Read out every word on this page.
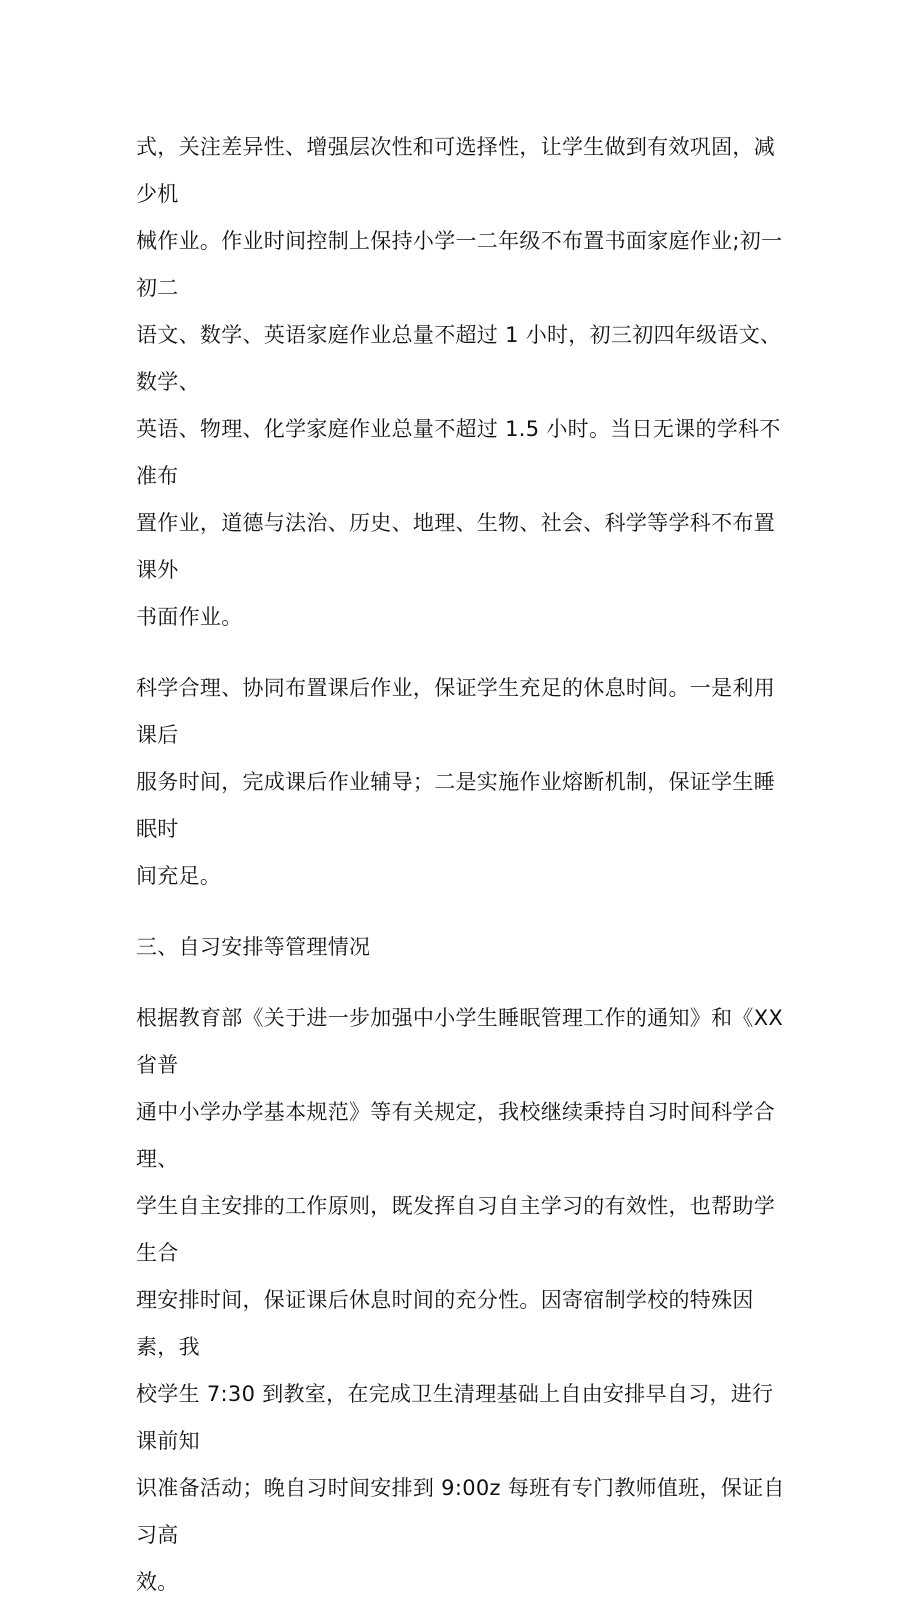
式，关注差异性、增强层次性和可选择性，让学生做到有效巩固，减少机
械作业。作业时间控制上保持小学一二年级不布置书面家庭作业;初一初二
语文、数学、英语家庭作业总量不超过 1 小时，初三初四年级语文、数学、
英语、物理、化学家庭作业总量不超过 1.5 小时。当日无课的学科不准布
置作业，道德与法治、历史、地理、生物、社会、科学等学科不布置课外
书面作业。

科学合理、协同布置课后作业，保证学生充足的休息时间。一是利用课后
服务时间，完成课后作业辅导；二是实施作业熔断机制，保证学生睡眠时
间充足。

三、自习安排等管理情况

根据教育部《关于进一步加强中小学生睡眠管理工作的通知》和《XX 省普
通中小学办学基本规范》等有关规定，我校继续秉持自习时间科学合理、
学生自主安排的工作原则，既发挥自习自主学习的有效性，也帮助学生合
理安排时间，保证课后休息时间的充分性。因寄宿制学校的特殊因素，我
校学生 7:30 到教室，在完成卫生清理基础上自由安排早自习，进行课前知
识准备活动；晚自习时间安排到 9:00z 每班有专门教师值班，保证自习高
效。
